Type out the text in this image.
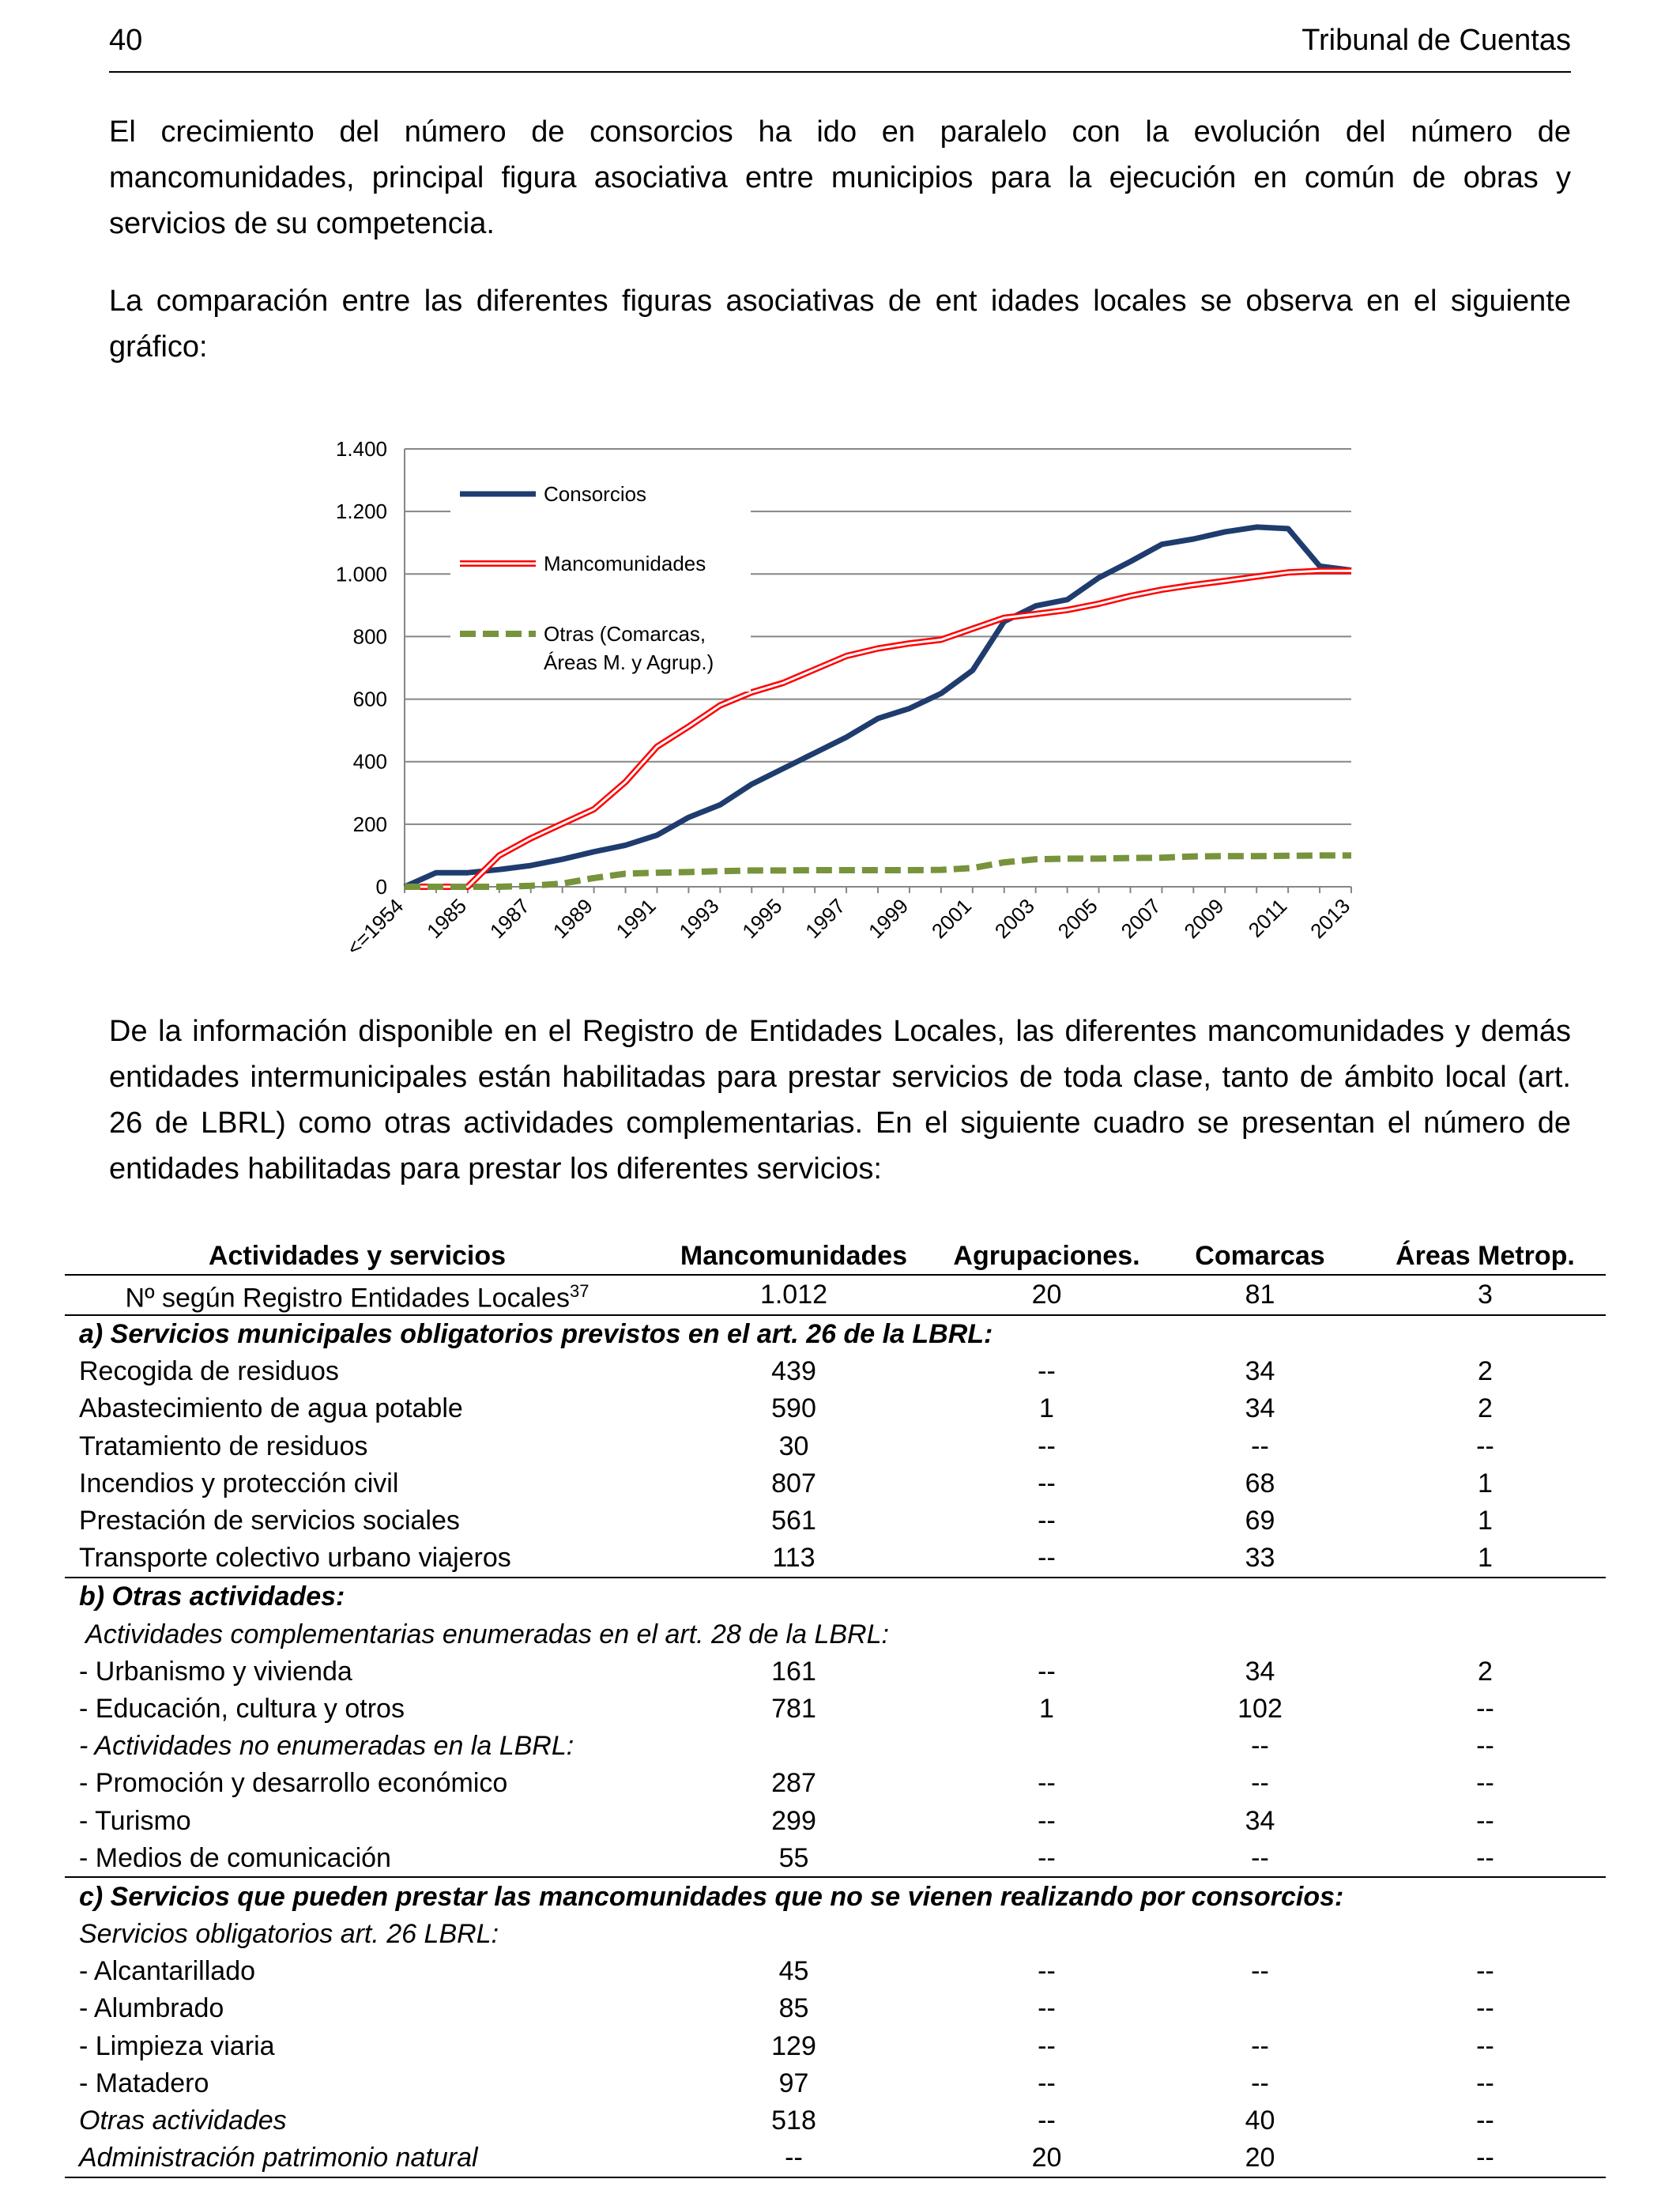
40	Tribunal de Cuentas

El crecimiento del número de consorcios ha ido en paralelo con la evolución del número de mancomunidades, principal figura asociativa entre municipios para la ejecución en común de obras y servicios de su competencia.

La comparación entre las diferentes figuras asociativas de ent idades locales se observa en el siguiente gráfico:

0
200
400
600
800
1.000
1.200
1.400
<=1954 1985 1987 1989 1991 1993 1995 1997 1999 2001 2003 2005 2007 2009 2011 2013
Consorcios
Mancomunidades
Otras (Comarcas,
Áreas M. y Agrup.)

De la información disponible en el Registro de Entidades Locales, las diferentes mancomunidades y demás entidades intermunicipales están habilitadas para prestar servicios de toda clase, tanto de ámbito local (art. 26 de LBRL) como otras actividades complementarias. En el siguiente cuadro se presentan el número de entidades habilitadas para prestar los diferentes servicios:

Actividades y servicios	Mancomunidades	Agrupaciones.	Comarcas	Áreas Metrop.
Nº según Registro Entidades Locales$^{37}$	1.012	20	81	3
a) Servicios municipales obligatorios previstos en el art. 26 de la LBRL:				
Recogida de residuos	439	--	34	2
Abastecimiento de agua potable	590	1	34	2
Tratamiento de residuos	30	--	--	--
Incendios y protección civil	807	--	68	1
Prestación de servicios sociales	561	--	69	1
Transporte colectivo urbano viajeros	113	--	33	1
b) Otras actividades:				
Actividades complementarias enumeradas en el art. 28 de la LBRL:				
- Urbanismo y vivienda	161	--	34	2
- Educación, cultura y otros	781	1	102	--
- Actividades no enumeradas en la LBRL:			--	--
- Promoción y desarrollo económico	287	--	--	--
- Turismo	299	--	34	--
- Medios de comunicación	55	--	--	--
c) Servicios que pueden prestar las mancomunidades que no se vienen realizando por consorcios:				
Servicios obligatorios art. 26 LBRL:				
- Alcantarillado	45	--	--	--
- Alumbrado	85	--		--
- Limpieza viaria	129	--	--	--
- Matadero	97	--	--	--
Otras actividades	518	--	40	--
Administración patrimonio natural	--	20	20	--
